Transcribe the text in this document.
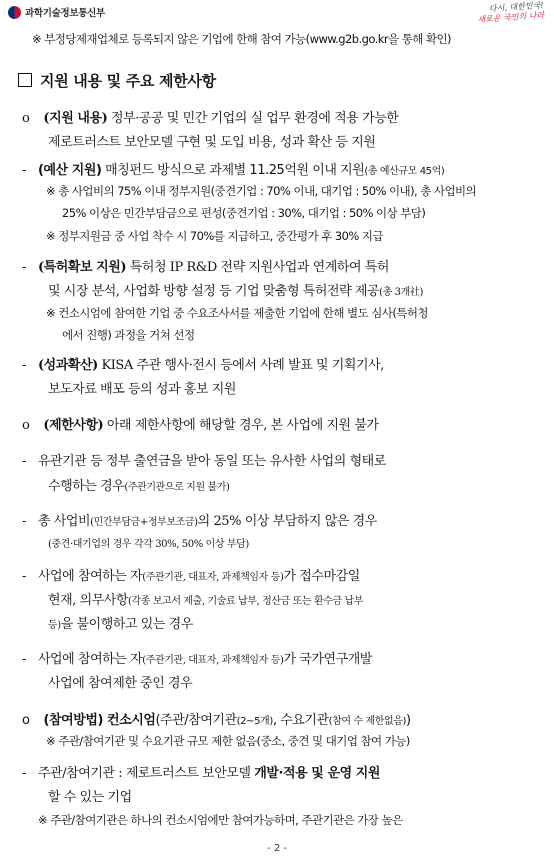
과학기술정보통신부
다시, 대한민국!
새로운 국민의 나라
※ 부정당제재업체로 등록되지 않은 기업에 한해 참여 가능(www.g2b.go.kr을 통해 확인)
지원 내용 및 주요 제한사항
o (지원 내용) 정부·공공 및 민간 기업의 실 업무 환경에 적용 가능한
제로트러스트 보안모델 구현 및 도입 비용, 성과 확산 등 지원
- (예산 지원) 매칭펀드 방식으로 과제별 11.25억원 이내 지원(총 예산규모 45억)
※ 총 사업비의 75% 이내 정부지원(중견기업 : 70% 이내, 대기업 : 50% 이내), 총 사업비의
25% 이상은 민간부담금으로 편성(중견기업 : 30%, 대기업 : 50% 이상 부담)
※ 정부지원금 중 사업 착수 시 70%를 지급하고, 중간평가 후 30% 지급
- (특허확보 지원) 특허청 IP R&D 전략 지원사업과 연계하여 특허
및 시장 분석, 사업화 방향 설정 등 기업 맞춤형 특허전략 제공(총 3개社)
※ 컨소시엄에 참여한 기업 중 수요조사서를 제출한 기업에 한해 별도 심사(특허청
에서 진행) 과정을 거쳐 선정
- (성과확산) KISA 주관 행사·전시 등에서 사례 발표 및 기획기사,
보도자료 배포 등의 성과 홍보 지원
o (제한사항) 아래 제한사항에 해당할 경우, 본 사업에 지원 불가
- 유관기관 등 정부 출연금을 받아 동일 또는 유사한 사업의 형태로
수행하는 경우(주관기관으로 지원 불가)
- 총 사업비(민간부담금+정부보조금)의 25% 이상 부담하지 않은 경우
(중견·대기업의 경우 각각 30%, 50% 이상 부담)
- 사업에 참여하는 자(주관기관, 대표자, 과제책임자 등)가 접수마감일
현재, 의무사항(각종 보고서 제출, 기술료 납부, 정산금 또는 환수금 납부
등)을 불이행하고 있는 경우
- 사업에 참여하는 자(주관기관, 대표자, 과제책임자 등)가 국가연구개발
사업에 참여제한 중인 경우
o (참여방법) 컨소시엄(주관/참여기관(2~5개), 수요기관(참여 수 제한없음))
※ 주관/참여기관 및 수요기관 규모 제한 없음(중소, 중견 및 대기업 참여 가능)
- 주관/참여기관 : 제로트러스트 보안모델 개발·적용 및 운영 지원
할 수 있는 기업
※ 주관/참여기관은 하나의 컨소시엄에만 참여가능하며, 주관기관은 가장 높은
- 2 -
